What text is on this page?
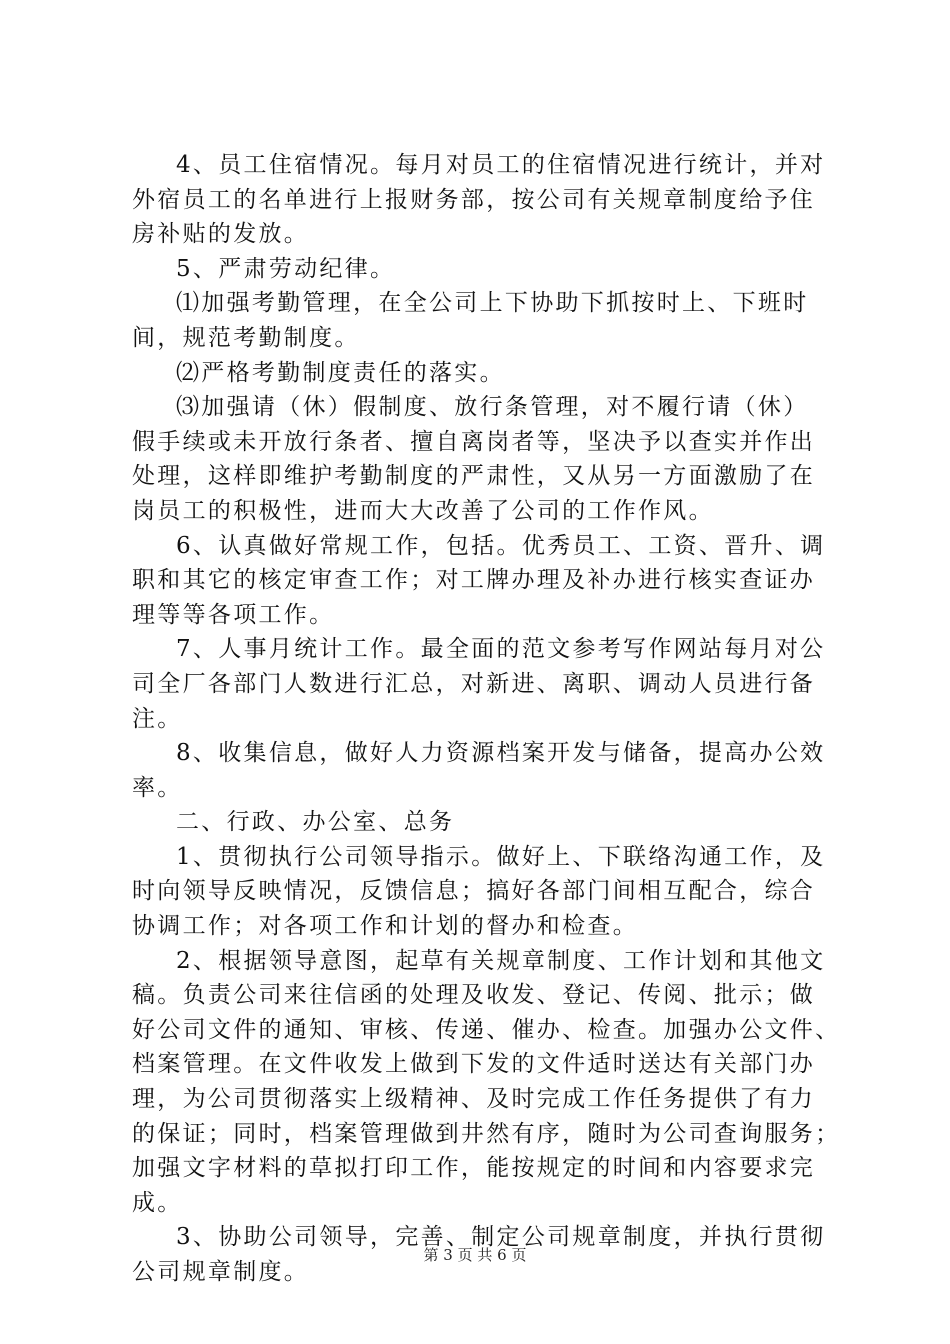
4、员工住宿情况。每月对员工的住宿情况进行统计，并对
外宿员工的名单进行上报财务部，按公司有关规章制度给予住
房补贴的发放。
5、严肃劳动纪律。
⑴加强考勤管理，在全公司上下协助下抓按时上、下班时
间，规范考勤制度。
⑵严格考勤制度责任的落实。
⑶加强请（休）假制度、放行条管理，对不履行请（休）
假手续或未开放行条者、擅自离岗者等，坚决予以查实并作出
处理，这样即维护考勤制度的严肃性，又从另一方面激励了在
岗员工的积极性，进而大大改善了公司的工作作风。
6、认真做好常规工作，包括。优秀员工、工资、晋升、调
职和其它的核定审查工作；对工牌办理及补办进行核实查证办
理等等各项工作。
7、人事月统计工作。最全面的范文参考写作网站每月对公
司全厂各部门人数进行汇总，对新进、离职、调动人员进行备
注。
8、收集信息，做好人力资源档案开发与储备，提高办公效
率。
二、行政、办公室、总务
1、贯彻执行公司领导指示。做好上、下联络沟通工作，及
时向领导反映情况，反馈信息；搞好各部门间相互配合，综合
协调工作；对各项工作和计划的督办和检查。
2、根据领导意图，起草有关规章制度、工作计划和其他文
稿。负责公司来往信函的处理及收发、登记、传阅、批示；做
好公司文件的通知、审核、传递、催办、检查。加强办公文件、
档案管理。在文件收发上做到下发的文件适时送达有关部门办
理，为公司贯彻落实上级精神、及时完成工作任务提供了有力
的保证；同时，档案管理做到井然有序，随时为公司查询服务；
加强文字材料的草拟打印工作，能按规定的时间和内容要求完
成。
3、协助公司领导，完善、制定公司规章制度，并执行贯彻
公司规章制度。
第 3 页 共 6 页
